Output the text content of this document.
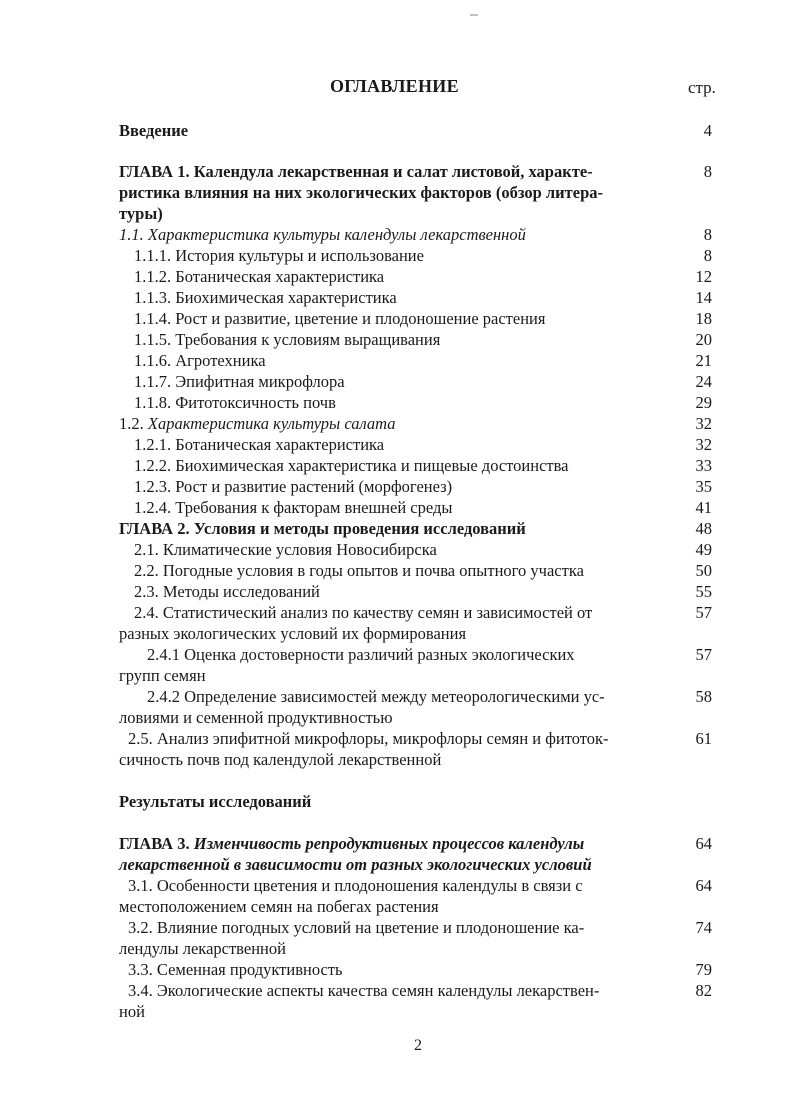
ОГЛАВЛЕНИЕ	стр.
Введение	4
ГЛАВА 1. Календула лекарственная и салат листовой, характе-	8
ристика влияния на них экологических факторов (обзор литера-
туры)
1.1. Характеристика культуры календулы лекарственной	8
1.1.1. История культуры и использование	8
1.1.2. Ботаническая характеристика	12
1.1.3. Биохимическая характеристика	14
1.1.4. Рост и развитие, цветение и плодоношение растения	18
1.1.5. Требования к условиям выращивания	20
1.1.6. Агротехника	21
1.1.7. Эпифитная микрофлора	24
1.1.8. Фитотоксичность почв	29
1.2. Характеристика культуры салата	32
1.2.1. Ботаническая характеристика	32
1.2.2. Биохимическая характеристика и пищевые достоинства	33
1.2.3. Рост и развитие растений (морфогенез)	35
1.2.4. Требования к факторам внешней среды	41
ГЛАВА 2. Условия и методы проведения исследований	48
2.1. Климатические условия Новосибирска	49
2.2. Погодные условия в годы опытов и почва опытного участка	50
2.3. Методы исследований	55
2.4. Статистический анализ по качеству семян и зависимостей от	57
разных экологических условий их формирования
2.4.1 Оценка достоверности различий разных экологических	57
групп семян
2.4.2 Определение зависимостей между метеорологическими ус-	58
ловиями и семенной продуктивностью
2.5. Анализ эпифитной микрофлоры, микрофлоры семян и фитоток-	61
сичность почв под календулой лекарственной
Результаты исследований
ГЛАВА 3. Изменчивость репродуктивных процессов календулы	64
лекарственной в зависимости от разных экологических условий
3.1. Особенности цветения и плодоношения календулы в связи с	64
местоположением семян на побегах растения
3.2. Влияние погодных условий на цветение и плодоношение ка-	74
лендулы лекарственной
3.3. Семенная продуктивность	79
3.4. Экологические аспекты качества семян календулы лекарствен-	82
ной
2
